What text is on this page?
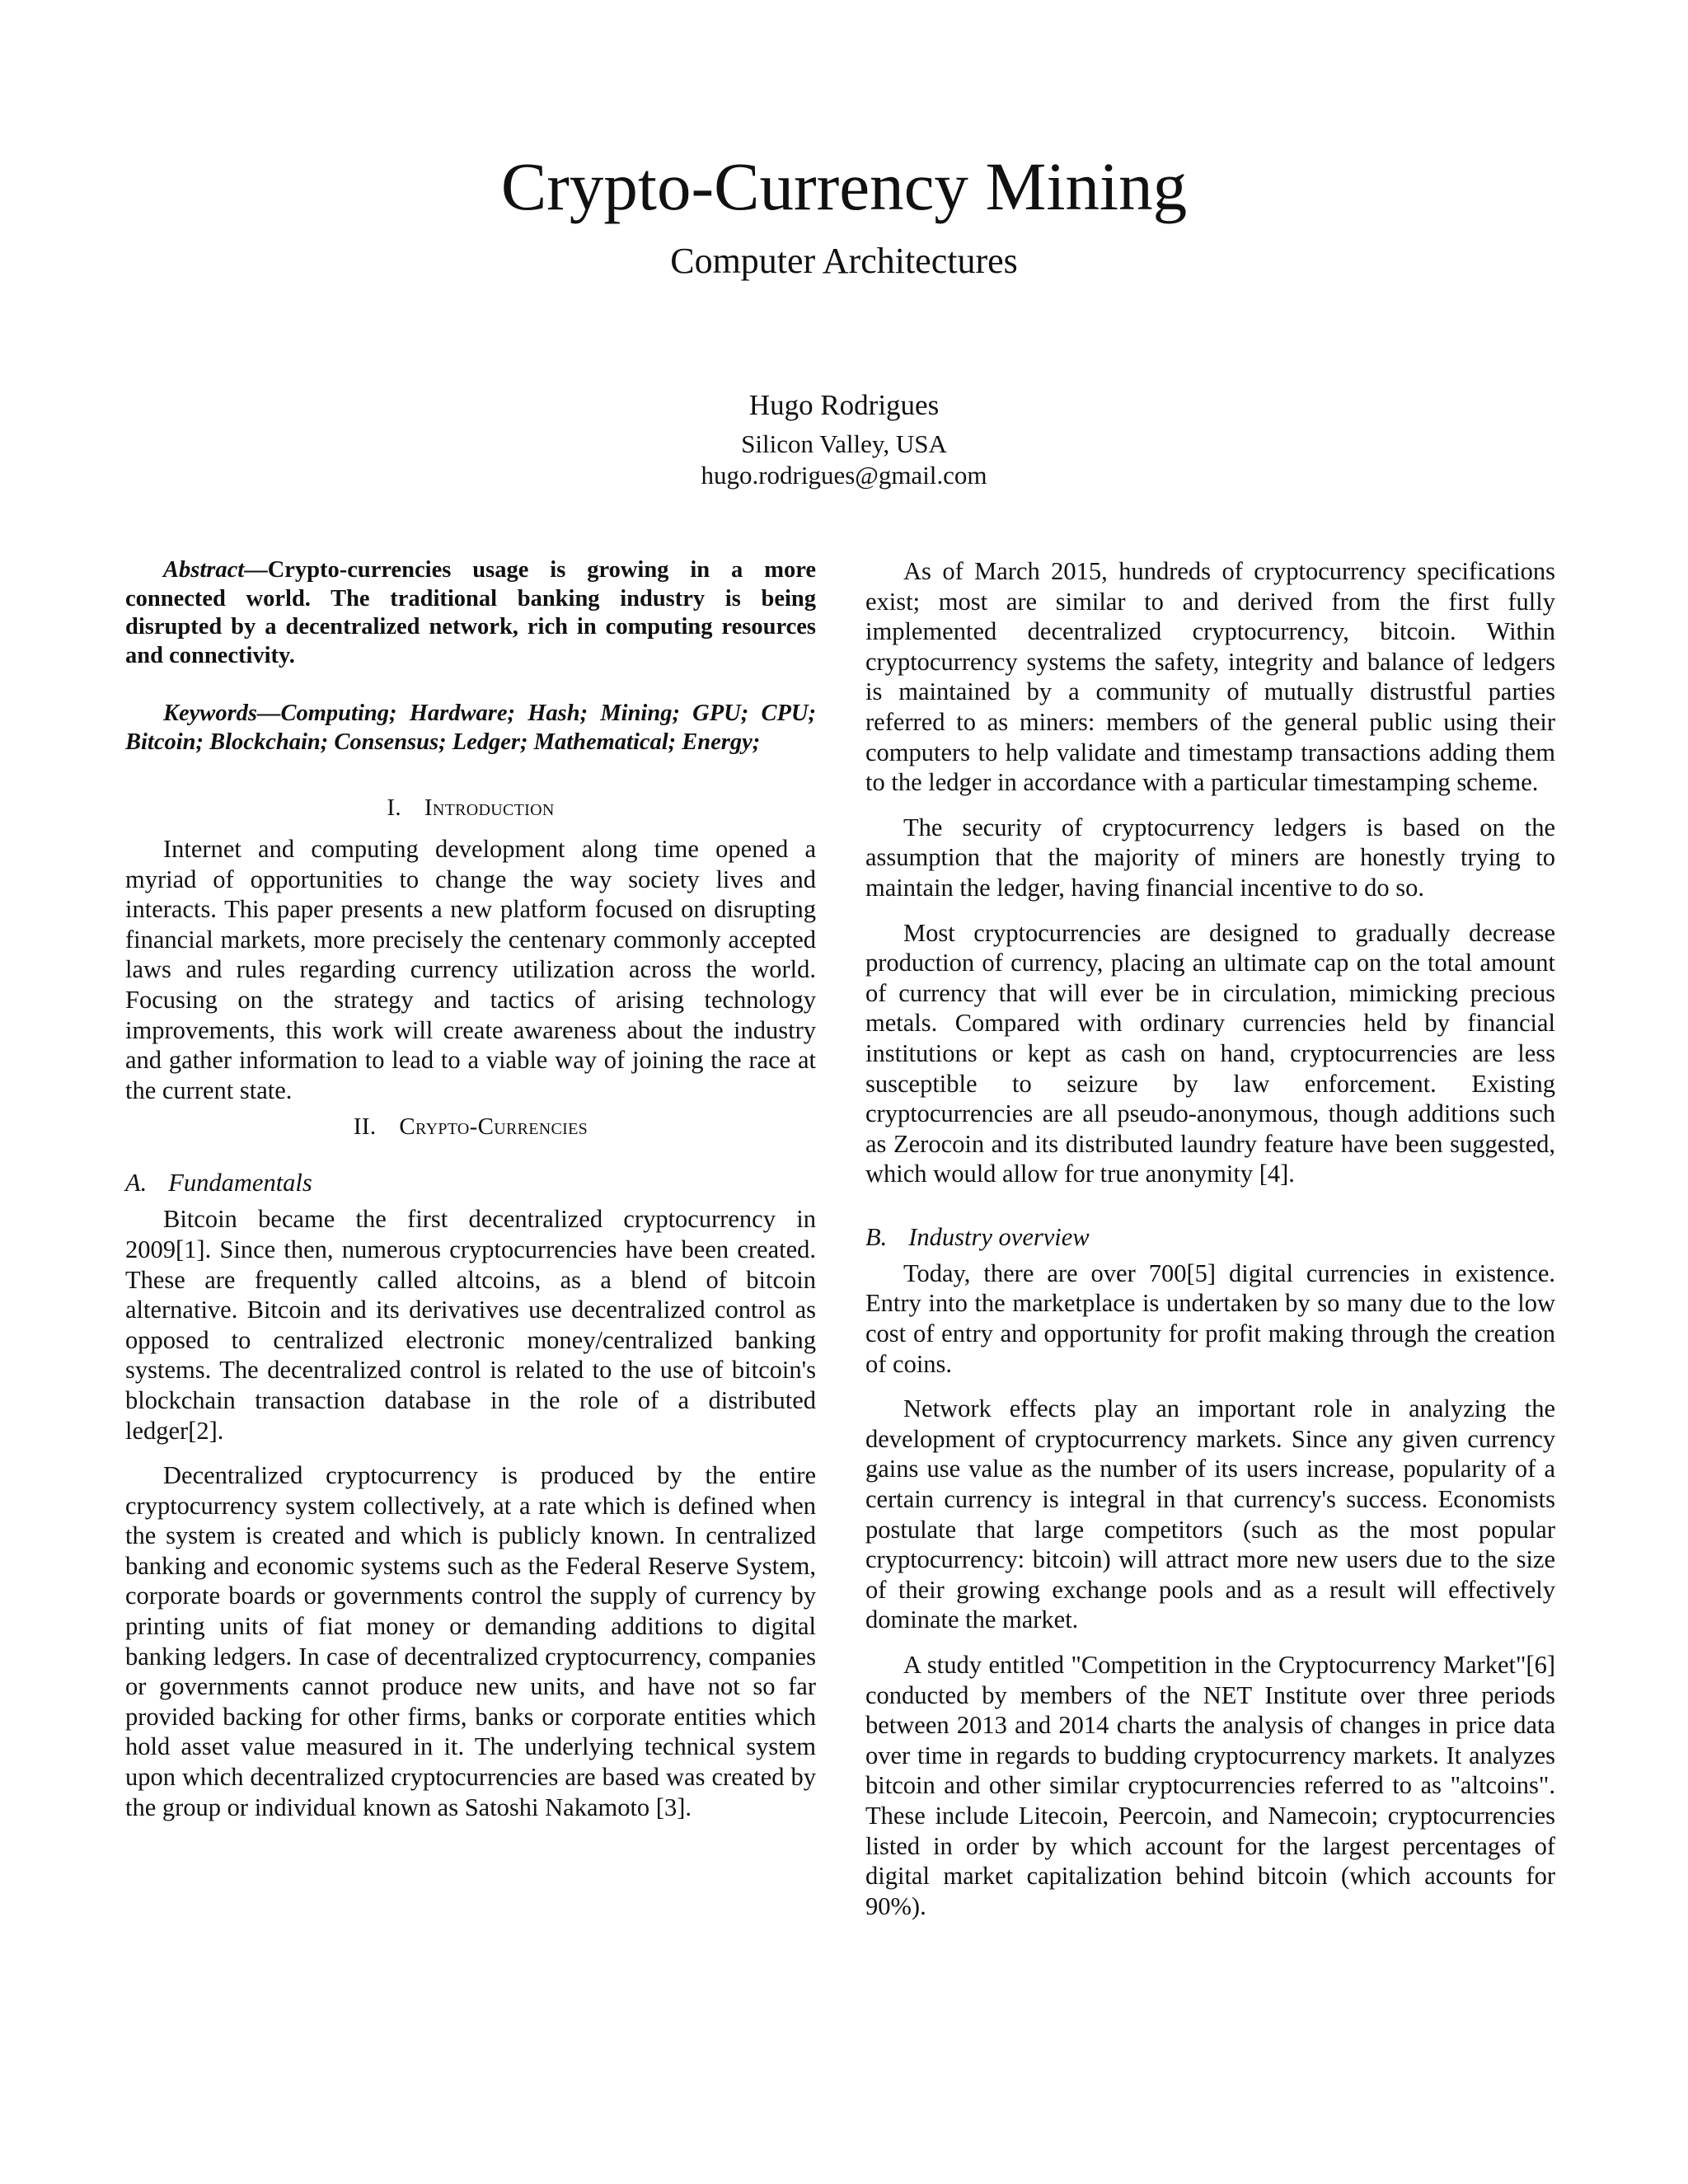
Crypto-Currency Mining
Computer Architectures
Hugo Rodrigues
Silicon Valley, USA
hugo.rodrigues@gmail.com

Abstract—Crypto-currencies usage is growing in a more connected world. The traditional banking industry is being disrupted by a decentralized network, rich in computing resources and connectivity.

Keywords—Computing; Hardware; Hash; Mining; GPU; CPU; Bitcoin; Blockchain; Consensus; Ledger; Mathematical; Energy;

I. Introduction

Internet and computing development along time opened a myriad of opportunities to change the way society lives and interacts. This paper presents a new platform focused on disrupting financial markets, more precisely the centenary commonly accepted laws and rules regarding currency utilization across the world. Focusing on the strategy and tactics of arising technology improvements, this work will create awareness about the industry and gather information to lead to a viable way of joining the race at the current state.

II. Crypto-Currencies
A. Fundamentals

Bitcoin became the first decentralized cryptocurrency in 2009[1]. Since then, numerous cryptocurrencies have been created. These are frequently called altcoins, as a blend of bitcoin alternative. Bitcoin and its derivatives use decentralized control as opposed to centralized electronic money/centralized banking systems. The decentralized control is related to the use of bitcoin's blockchain transaction database in the role of a distributed ledger[2].

Decentralized cryptocurrency is produced by the entire cryptocurrency system collectively, at a rate which is defined when the system is created and which is publicly known. In centralized banking and economic systems such as the Federal Reserve System, corporate boards or governments control the supply of currency by printing units of fiat money or demanding additions to digital banking ledgers. In case of decentralized cryptocurrency, companies or governments cannot produce new units, and have not so far provided backing for other firms, banks or corporate entities which hold asset value measured in it. The underlying technical system upon which decentralized cryptocurrencies are based was created by the group or individual known as Satoshi Nakamoto [3].

As of March 2015, hundreds of cryptocurrency specifications exist; most are similar to and derived from the first fully implemented decentralized cryptocurrency, bitcoin. Within cryptocurrency systems the safety, integrity and balance of ledgers is maintained by a community of mutually distrustful parties referred to as miners: members of the general public using their computers to help validate and timestamp transactions adding them to the ledger in accordance with a particular timestamping scheme.

The security of cryptocurrency ledgers is based on the assumption that the majority of miners are honestly trying to maintain the ledger, having financial incentive to do so.

Most cryptocurrencies are designed to gradually decrease production of currency, placing an ultimate cap on the total amount of currency that will ever be in circulation, mimicking precious metals. Compared with ordinary currencies held by financial institutions or kept as cash on hand, cryptocurrencies are less susceptible to seizure by law enforcement. Existing cryptocurrencies are all pseudo-anonymous, though additions such as Zerocoin and its distributed laundry feature have been suggested, which would allow for true anonymity [4].

B. Industry overview

Today, there are over 700[5] digital currencies in existence. Entry into the marketplace is undertaken by so many due to the low cost of entry and opportunity for profit making through the creation of coins.

Network effects play an important role in analyzing the development of cryptocurrency markets. Since any given currency gains use value as the number of its users increase, popularity of a certain currency is integral in that currency's success. Economists postulate that large competitors (such as the most popular cryptocurrency: bitcoin) will attract more new users due to the size of their growing exchange pools and as a result will effectively dominate the market.

A study entitled "Competition in the Cryptocurrency Market"[6] conducted by members of the NET Institute over three periods between 2013 and 2014 charts the analysis of changes in price data over time in regards to budding cryptocurrency markets. It analyzes bitcoin and other similar cryptocurrencies referred to as "altcoins". These include Litecoin, Peercoin, and Namecoin; cryptocurrencies listed in order by which account for the largest percentages of digital market capitalization behind bitcoin (which accounts for 90%).
